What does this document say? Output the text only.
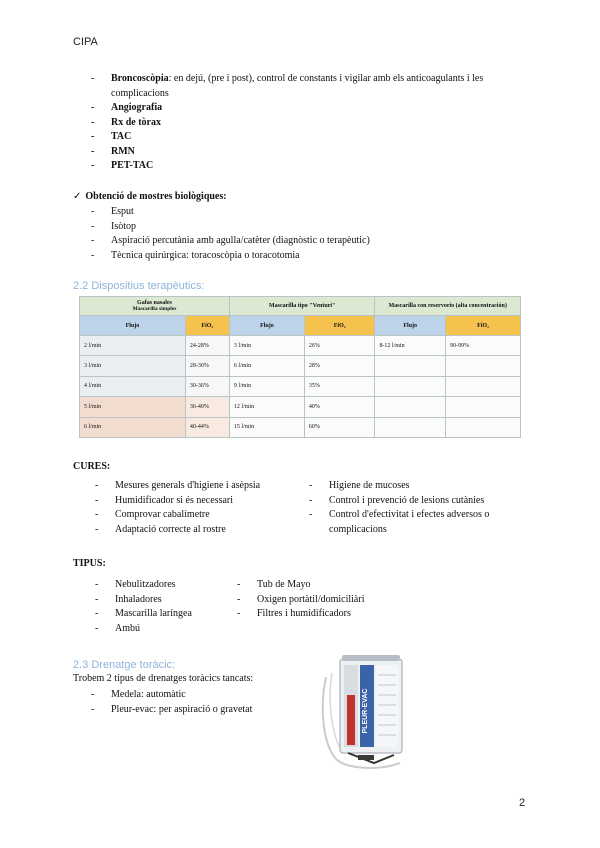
CIPA
- Broncoscòpia: en dejú, (pre i post), control de constants i vigilar amb els anticoagulants i les
complicacions
- Angiografia
- Rx de tòrax
- TAC
- RMN
- PET-TAC
✓ Obtenció de mostres biològiques:
- Esput
- Isòtop
- Aspiració percutània amb agulla/catèter (diagnòstic o terapèutic)
- Tècnica quirúrgica: toracoscòpia o toracotomia
2.2 Dispositius terapèutics:
Gafas nasales
Mascarilla simples		Mascarilla tipo "Venturi"		Mascarilla con reservorio (alta concentración)	
Flujo	FiO₂	Flujo	FiO₂	Flujo	FiO₂
2 l/min	24-28%	3 l/min	26%	8-12 l/min	90-99%
3 l/min	28-30%	6 l/min	28%		
4 l/min	30-36%	9 l/min	35%		
5 l/min	36-40%	12 l/min	40%		
6 l/min	40-44%	15 l/min	60%		
CURES:
- Mesures generals d'higiene i asèpsia
- Humidificador si és necessari
- Comprovar cabalímetre
- Adaptació correcte al rostre
- Higiene de mucoses
- Control i prevenció de lesions cutànies
- Control d'efectivitat i efectes adversos o
complicacions
TIPUS:
- Nebulitzadores
- Inhaladores
- Mascarilla laríngea
- Ambú
- Tub de Mayo
- Oxigen portàtil/domiciliàri
- Filtres i humidificadors
2.3 Drenatge toràcic:
Trobem 2 tipus de drenatges toràcics tancats:
- Medela: automàtic
- Pleur-evac: per aspiració o gravetat	PLEUR-EVAC
2
